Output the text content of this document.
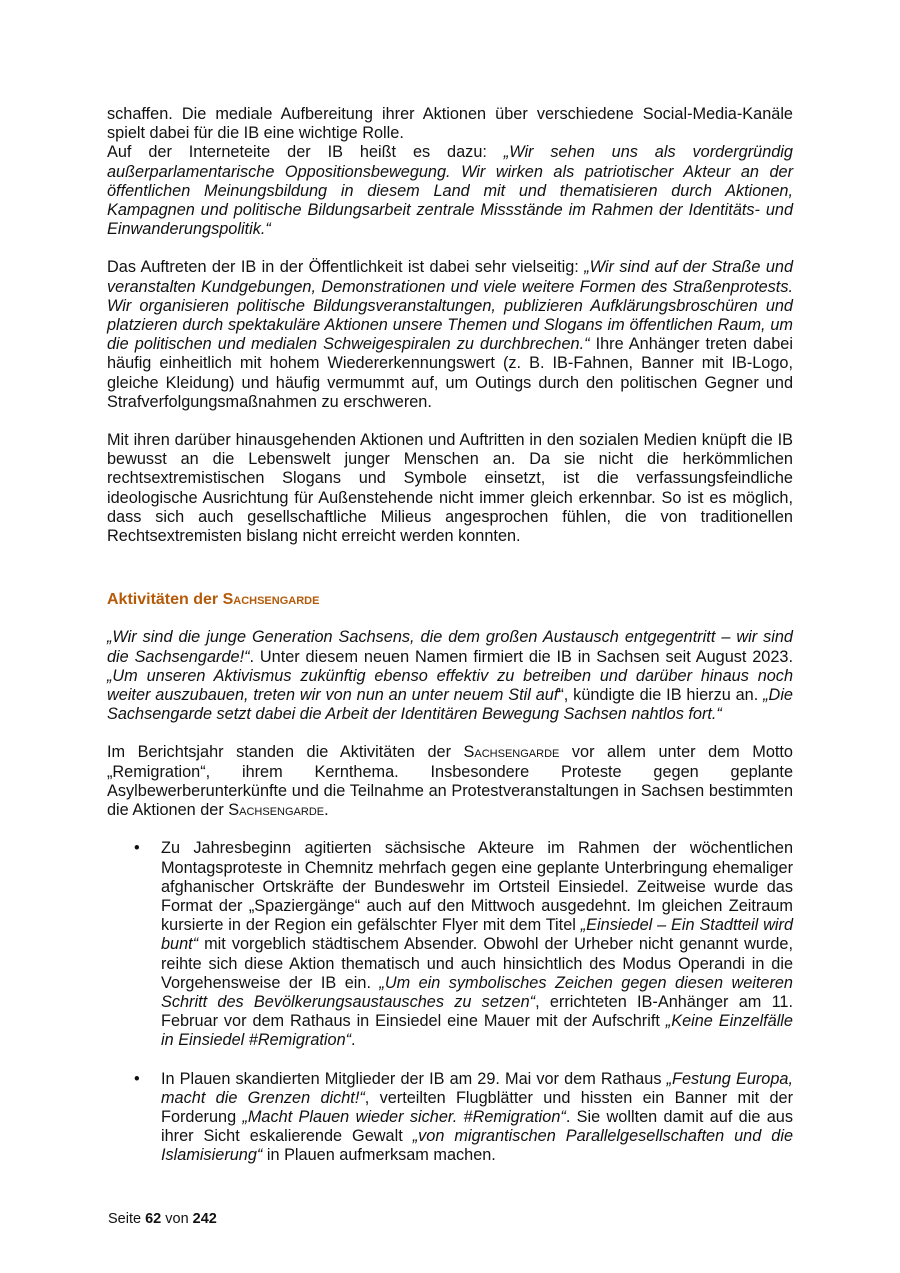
schaffen. Die mediale Aufbereitung ihrer Aktionen über verschiedene Social-Media-Kanäle spielt dabei für die IB eine wichtige Rolle.

Auf der Interneteite der IB heißt es dazu: „Wir sehen uns als vordergründig außerparlamentarische Oppositionsbewegung. Wir wirken als patriotischer Akteur an der öffentlichen Meinungsbildung in diesem Land mit und thematisieren durch Aktionen, Kampagnen und politische Bildungsarbeit zentrale Missstände im Rahmen der Identitäts- und Einwanderungspolitik.“

Das Auftreten der IB in der Öffentlichkeit ist dabei sehr vielseitig: „Wir sind auf der Straße und veranstalten Kundgebungen, Demonstrationen und viele weitere Formen des Straßenprotests. Wir organisieren politische Bildungsveranstaltungen, publizieren Aufklärungsbroschüren und platzieren durch spektakuläre Aktionen unsere Themen und Slogans im öffentlichen Raum, um die politischen und medialen Schweigespiralen zu durchbrechen.“ Ihre Anhänger treten dabei häufig einheitlich mit hohem Wiedererkennungswert (z. B. IB-Fahnen, Banner mit IB-Logo, gleiche Kleidung) und häufig vermummt auf, um Outings durch den politischen Gegner und Strafverfolgungsmaßnahmen zu erschweren.

Mit ihren darüber hinausgehenden Aktionen und Auftritten in den sozialen Medien knüpft die IB bewusst an die Lebenswelt junger Menschen an. Da sie nicht die herkömmlichen rechtsextremistischen Slogans und Symbole einsetzt, ist die verfassungsfeindliche ideologische Ausrichtung für Außenstehende nicht immer gleich erkennbar. So ist es möglich, dass sich auch gesellschaftliche Milieus angesprochen fühlen, die von traditionellen Rechtsextremisten bislang nicht erreicht werden konnten.

Aktivitäten der Sachsengarde

„Wir sind die junge Generation Sachsens, die dem großen Austausch entgegentritt – wir sind die Sachsengarde!“. Unter diesem neuen Namen firmiert die IB in Sachsen seit August 2023. „Um unseren Aktivismus zukünftig ebenso effektiv zu betreiben und darüber hinaus noch weiter auszubauen, treten wir von nun an unter neuem Stil auf“, kündigte die IB hierzu an. „Die Sachsengarde setzt dabei die Arbeit der Identitären Bewegung Sachsen nahtlos fort.“

Im Berichtsjahr standen die Aktivitäten der Sachsengarde vor allem unter dem Motto „Remigration“, ihrem Kernthema. Insbesondere Proteste gegen geplante Asylbewerberunterkünfte und die Teilnahme an Protestveranstaltungen in Sachsen bestimmten die Aktionen der Sachsengarde.

• Zu Jahresbeginn agitierten sächsische Akteure im Rahmen der wöchentlichen Montagsproteste in Chemnitz mehrfach gegen eine geplante Unterbringung ehemaliger afghanischer Ortskräfte der Bundeswehr im Ortsteil Einsiedel. Zeitweise wurde das Format der „Spaziergänge“ auch auf den Mittwoch ausgedehnt. Im gleichen Zeitraum kursierte in der Region ein gefälschter Flyer mit dem Titel „Einsiedel – Ein Stadtteil wird bunt“ mit vorgeblich städtischem Absender. Obwohl der Urheber nicht genannt wurde, reihte sich diese Aktion thematisch und auch hinsichtlich des Modus Operandi in die Vorgehensweise der IB ein. „Um ein symbolisches Zeichen gegen diesen weiteren Schritt des Bevölkerungsaustausches zu setzen“, errichteten IB-Anhänger am 11. Februar vor dem Rathaus in Einsiedel eine Mauer mit der Aufschrift „Keine Einzelfälle in Einsiedel #Remigration“.
• In Plauen skandierten Mitglieder der IB am 29. Mai vor dem Rathaus „Festung Europa, macht die Grenzen dicht!“, verteilten Flugblätter und hissten ein Banner mit der Forderung „Macht Plauen wieder sicher. #Remigration“. Sie wollten damit auf die aus ihrer Sicht eskalierende Gewalt „von migrantischen Parallelgesellschaften und die Islamisierung“ in Plauen aufmerksam machen.
Seite 62 von 242
